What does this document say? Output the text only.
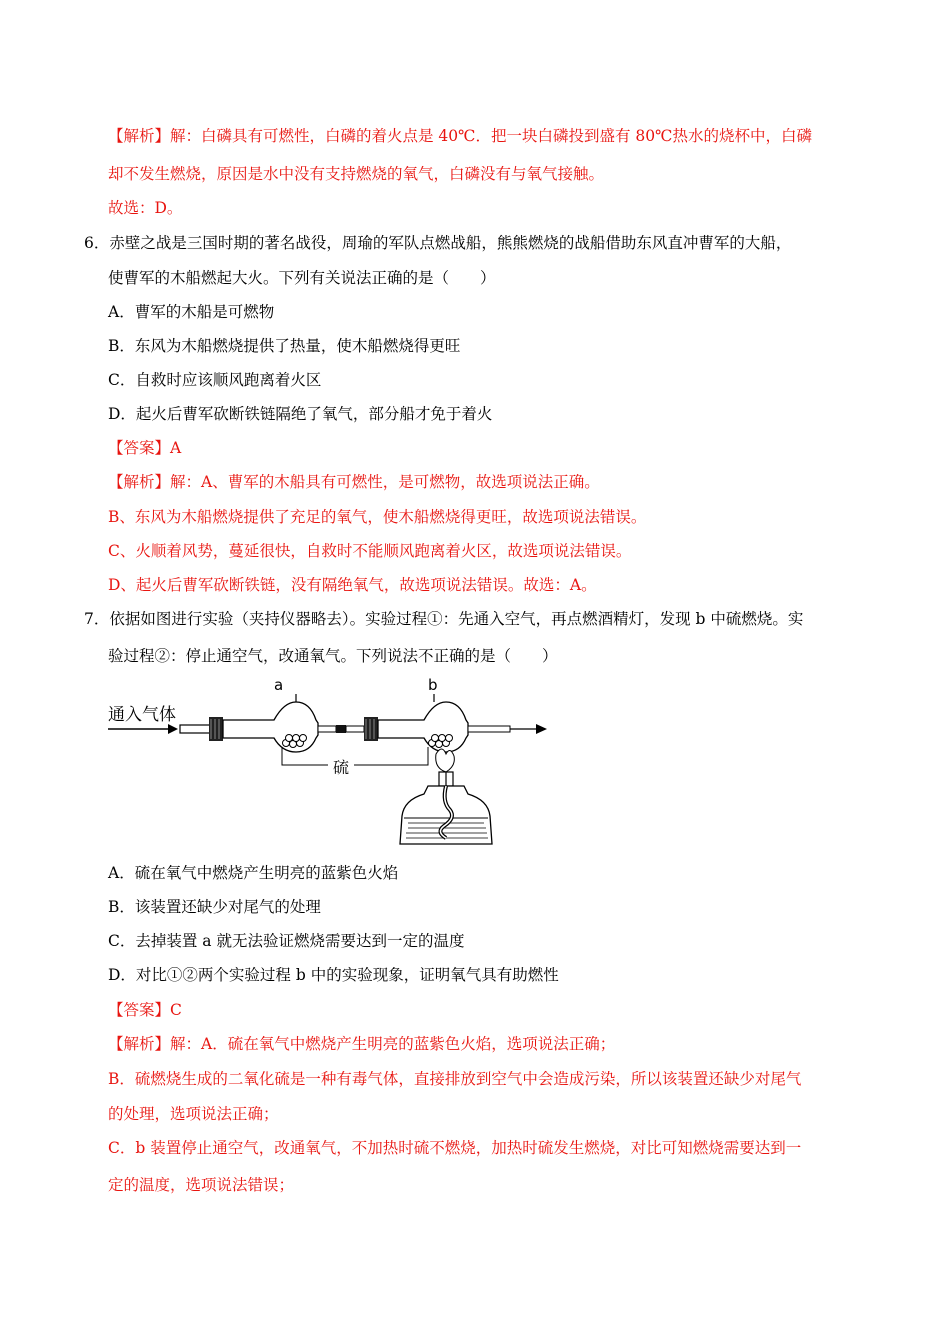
【解析】解：白磷具有可燃性，白磷的着火点是 40℃．把一块白磷投到盛有 80℃热水的烧杯中，白磷
却不发生燃烧，原因是水中没有支持燃烧的氧气，白磷没有与氧气接触。
故选：D。
6．赤壁之战是三国时期的著名战役，周瑜的军队点燃战船，熊熊燃烧的战船借助东风直冲曹军的大船，
使曹军的木船燃起大火。下列有关说法正确的是（　　）
A．曹军的木船是可燃物
B．东风为木船燃烧提供了热量，使木船燃烧得更旺
C．自救时应该顺风跑离着火区
D．起火后曹军砍断铁链隔绝了氧气，部分船才免于着火
【答案】A
【解析】解：A、曹军的木船具有可燃性，是可燃物，故选项说法正确。
B、东风为木船燃烧提供了充足的氧气，使木船燃烧得更旺，故选项说法错误。
C、火顺着风势，蔓延很快，自救时不能顺风跑离着火区，故选项说法错误。
D、起火后曹军砍断铁链，没有隔绝氧气，故选项说法错误。故选：A。
7．依据如图进行实验（夹持仪器略去）。实验过程①：先通入空气，再点燃酒精灯，发现 b 中硫燃烧。实
验过程②：停止通空气，改通氧气。下列说法不正确的是（　　）
通入气体
a	b
硫
A．硫在氧气中燃烧产生明亮的蓝紫色火焰
B．该装置还缺少对尾气的处理
C．去掉装置 a 就无法验证燃烧需要达到一定的温度
D．对比①②两个实验过程 b 中的实验现象，证明氧气具有助燃性
【答案】C
【解析】解：A．硫在氧气中燃烧产生明亮的蓝紫色火焰，选项说法正确；
B．硫燃烧生成的二氧化硫是一种有毒气体，直接排放到空气中会造成污染，所以该装置还缺少对尾气
的处理，选项说法正确；
C．b 装置停止通空气，改通氧气，不加热时硫不燃烧，加热时硫发生燃烧，对比可知燃烧需要达到一
定的温度，选项说法错误；
